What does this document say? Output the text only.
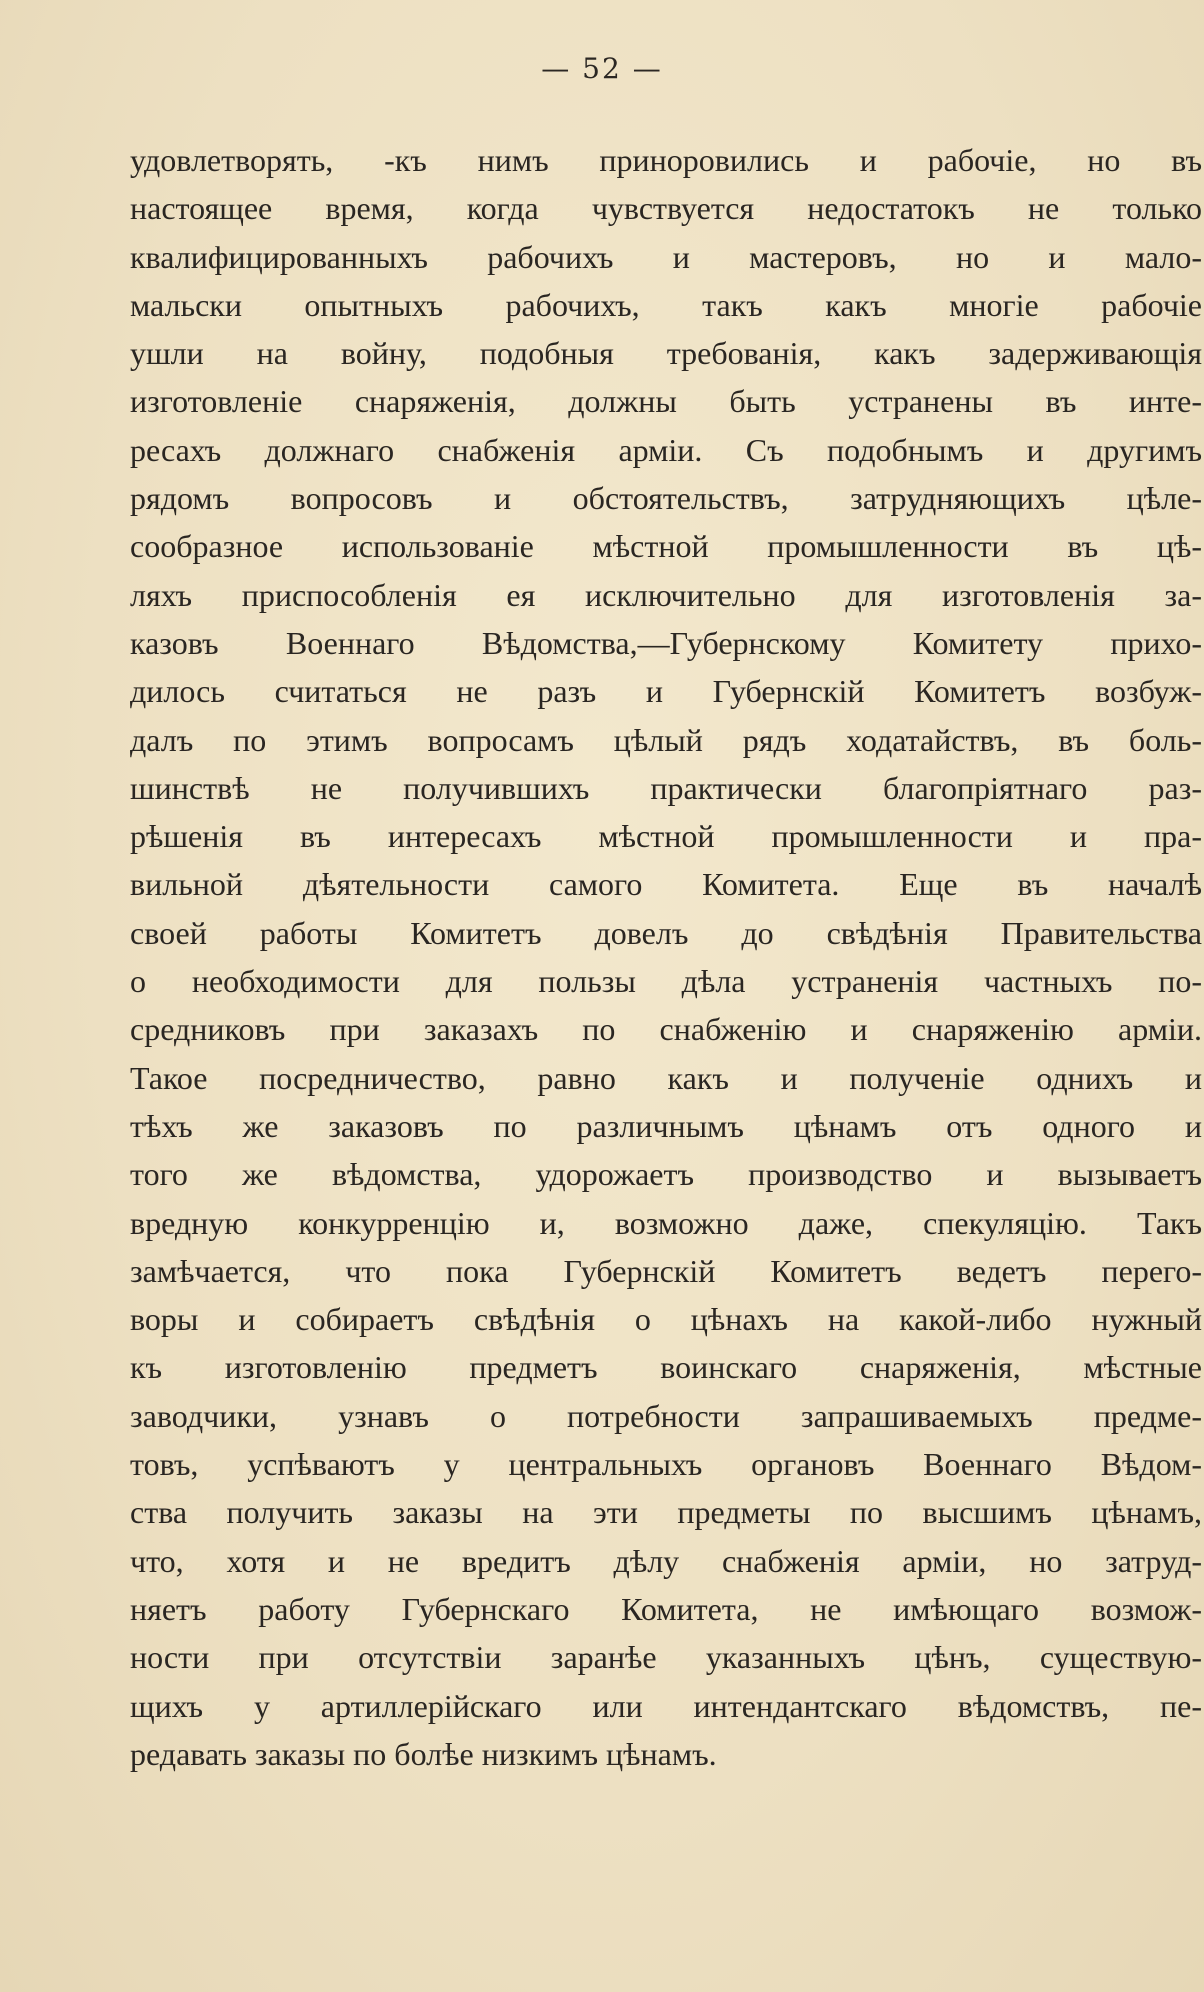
— 52 —
удовлетворять, -къ нимъ приноровились и рабочіе, но въ
настоящее время, когда чувствуется недостатокъ не только
квалифицированныхъ рабочихъ и мастеровъ, но и мало-
мальски опытныхъ рабочихъ, такъ какъ многіе рабочіе
ушли на войну, подобныя требованія, какъ задерживающія
изготовленіе снаряженія, должны быть устранены въ инте-
ресахъ должнаго снабженія арміи. Съ подобнымъ и другимъ
рядомъ вопросовъ и обстоятельствъ, затрудняющихъ цѣле-
сообразное использованіе мѣстной промышленности въ цѣ-
ляхъ приспособленія ея исключительно для изготовленія за-
казовъ Военнаго Вѣдомства,—Губернскому Комитету прихо-
дилось считаться не разъ и Губернскій Комитетъ возбуж-
далъ по этимъ вопросамъ цѣлый рядъ ходатайствъ, въ боль-
шинствѣ не получившихъ практически благопріятнаго раз-
рѣшенія въ интересахъ мѣстной промышленности и пра-
вильной дѣятельности самого Комитета. Еще въ началѣ
своей работы Комитетъ довелъ до свѣдѣнія Правительства
о необходимости для пользы дѣла устраненія частныхъ по-
средниковъ при заказахъ по снабженію и снаряженію арміи.
Такое посредничество, равно какъ и полученіе однихъ и
тѣхъ же заказовъ по различнымъ цѣнамъ отъ одного и
того же вѣдомства, удорожаетъ производство и вызываетъ
вредную конкурренцію и, возможно даже, спекуляцію. Такъ
замѣчается, что пока Губернскій Комитетъ ведетъ перего-
воры и собираетъ свѣдѣнія о цѣнахъ на какой-либо нужный
къ изготовленію предметъ воинскаго снаряженія, мѣстные
заводчики, узнавъ о потребности запрашиваемыхъ предме-
товъ, успѣваютъ у центральныхъ органовъ Военнаго Вѣдом-
ства получить заказы на эти предметы по высшимъ цѣнамъ,
что, хотя и не вредитъ дѣлу снабженія арміи, но затруд-
няетъ работу Губернскаго Комитета, не имѣющаго возмож-
ности при отсутствіи заранѣе указанныхъ цѣнъ, существую-
щихъ у артиллерійскаго или интендантскаго вѣдомствъ, пе-
редавать заказы по болѣе низкимъ цѣнамъ.
